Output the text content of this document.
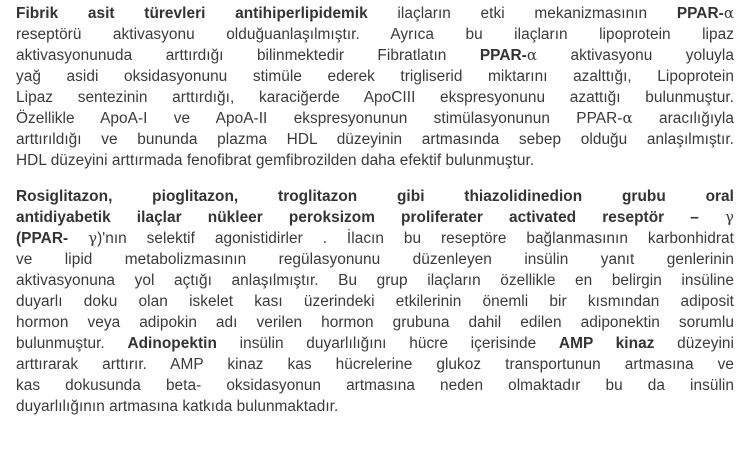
Fibrik asit türevleri antihiperlipidemik ilaçların etki mekanizmasının PPAR-α
reseptörü aktivasyonu olduğuanlaşılmıştır. Ayrıca bu ilaçların lipoprotein lipaz
aktivasyonunuda arttırdığı bilinmektedir Fibratlatın PPAR-α aktivasyonu yoluyla
yağ asidi oksidasyonunu stimüle ederek trigliserid miktarını azalttığı, Lipoprotein
Lipaz sentezinin arttırdığı, karaciğerde ApoCIII ekspresyonunu azattığı bulunmuştur.
Özellikle ApoA-I ve ApoA-II ekspresyonunun stimülasyonunun PPAR-α aracılığıyla
arttırıldığı ve bununda plazma HDL düzeyinin artmasında sebep olduğu anlaşılmıştır.
HDL düzeyini arttırmada fenofibrat gemfibrozilden daha efektif bulunmuştur.

Rosiglitazon, pioglitazon, troglitazon gibi thiazolidinedion grubu oral
antidiyabetik ilaçlar nükleer peroksizom proliferater activated reseptör – γ
(PPAR- γ)'nın selektif agonistidirler . İlacın bu reseptöre bağlanmasının karbonhidrat
ve lipid metabolizmasının regülasyonunu düzenleyen insülin yanıt genlerinin
aktivasyonuna yol açtığı anlaşılmıştır. Bu grup ilaçların özellikle en belirgin insüline
duyarlı doku olan iskelet kası üzerindeki etkilerinin önemli bir kısmından adiposit
hormon veya adipokin adı verilen hormon grubuna dahil edilen adiponektin sorumlu
bulunmuştur. Adinopektin insülin duyarlılığını hücre içerisinde AMP kinaz düzeyini
arttırarak arttırır. AMP kinaz kas hücrelerine glukoz transportunun artmasına ve
kas dokusunda beta- oksidasyonun artmasına neden olmaktadır bu da insülin
duyarlılığının artmasına katkıda bulunmaktadır.
